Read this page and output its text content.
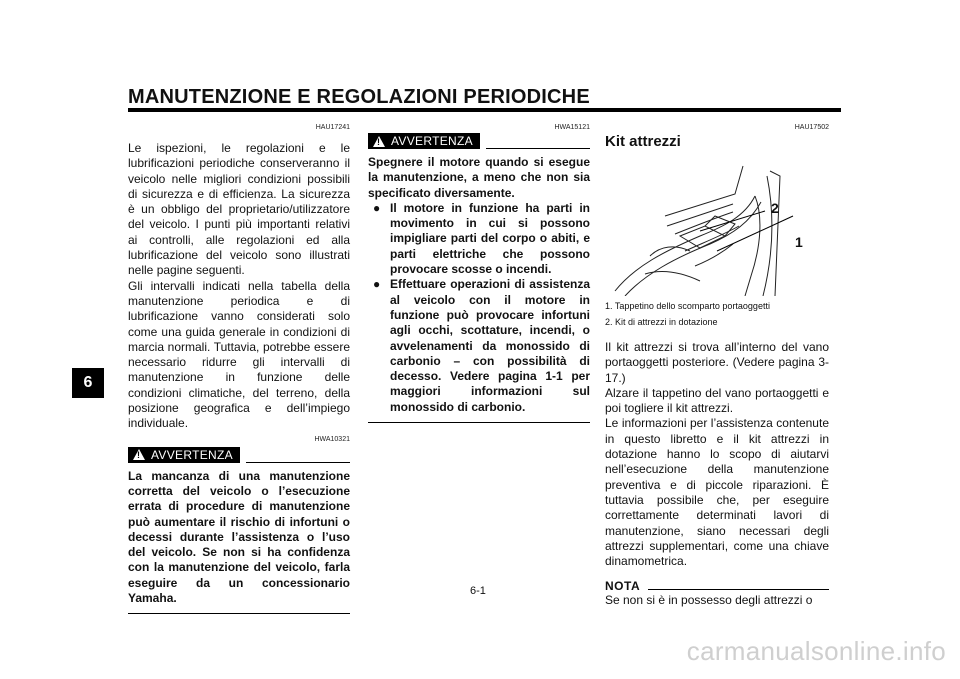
MANUTENZIONE E REGOLAZIONI PERIODICHE
6
HAU17241

Le ispezioni, le regolazioni e le lubrificazioni periodiche conserveranno il veicolo nelle migliori condizioni possibili di sicurezza e di efficienza. La sicurezza è un obbligo del proprietario/utilizzatore del veicolo. I punti più importanti relativi ai controlli, alle regolazioni ed alla lubrificazione del veicolo sono illustrati nelle pagine seguenti.

Gli intervalli indicati nella tabella della manutenzione periodica e di lubrificazione vanno considerati solo come una guida generale in condizioni di marcia normali. Tuttavia, potrebbe essere necessario ridurre gli intervalli di manutenzione in funzione delle condizioni climatiche, del terreno, della posizione geografica e dell’impiego individuale.

HWA10321
! AVVERTENZA
La mancanza di una manutenzione corretta del veicolo o l’esecuzione errata di procedure di manutenzione può aumentare il rischio di infortuni o decessi durante l’assistenza o l’uso del veicolo. Se non si ha confidenza con la manutenzione del veicolo, farla eseguire da un concessionario Yamaha.
HWA15121
! AVVERTENZA
Spegnere il motore quando si esegue la manutenzione, a meno che non sia specificato diversamente.
● Il motore in funzione ha parti in movimento in cui si possono impigliare parti del corpo o abiti, e parti elettriche che possono provocare scosse o incendi.
● Effettuare operazioni di assistenza al veicolo con il motore in funzione può provocare infortuni agli occhi, scottature, incendi, o avvelenamenti da monossido di carbonio – con possibilità di decesso. Vedere pagina 1-1 per maggiori informazioni sul monossido di carbonio.
HAU17502
Kit attrezzi
2
1
1. Tappetino dello scomparto portaoggetti
2. Kit di attrezzi in dotazione

Il kit attrezzi si trova all’interno del vano portaoggetti posteriore. (Vedere pagina 3-17.)

Alzare il tappetino del vano portaoggetti e poi togliere il kit attrezzi.

Le informazioni per l’assistenza contenute in questo libretto e il kit attrezzi in dotazione hanno lo scopo di aiutarvi nell’esecuzione della manutenzione preventiva e di piccole riparazioni. È tuttavia possibile che, per eseguire correttamente determinati lavori di manutenzione, siano necessari degli attrezzi supplementari, come una chiave dinamometrica.

NOTA

Se non si è in possesso degli attrezzi o

6-1
carmanualsonline.info
